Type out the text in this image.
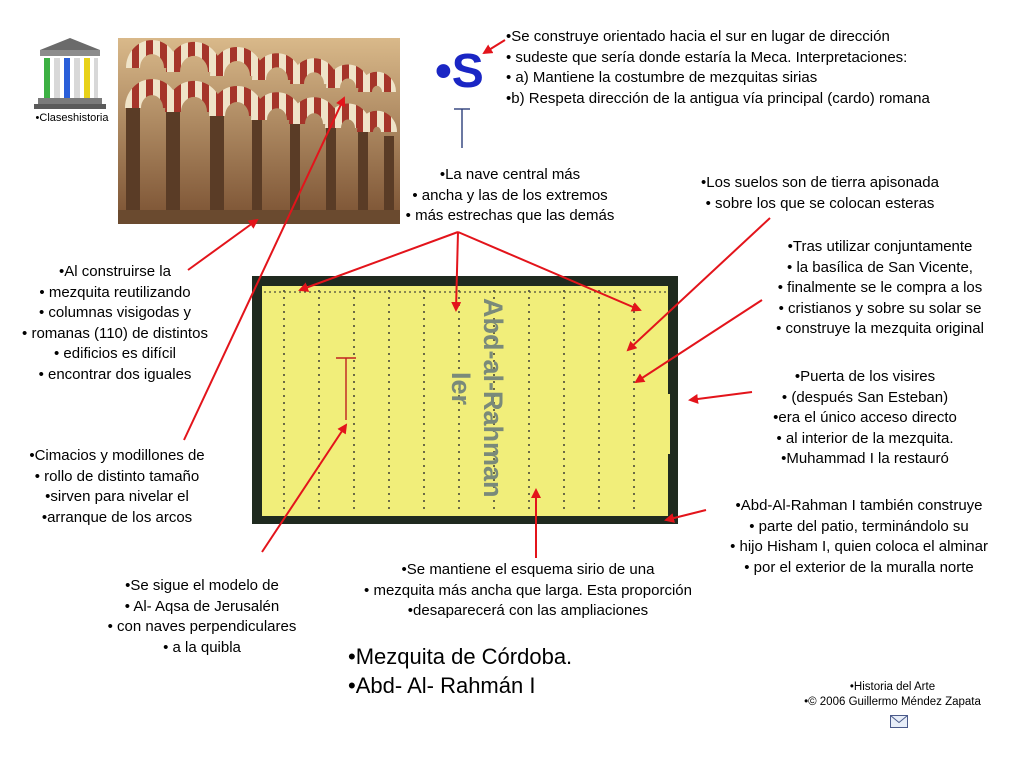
•Claseshistoria
•S
Abd-al-Rahman
Ier
•Se construye orientado hacia el sur en lugar de dirección
• sudeste que sería donde estaría la Meca. Interpretaciones:
• a) Mantiene la costumbre de mezquitas sirias
•b) Respeta dirección de la antigua vía principal (cardo) romana
•La nave central más
• ancha y las de los extremos
• más estrechas que las demás
•Los suelos son de tierra apisonada
• sobre los que se colocan esteras
•Tras utilizar conjuntamente
• la basílica de San Vicente,
• finalmente se le compra a los
• cristianos y sobre su solar se
• construye la mezquita original
•Al construirse la
• mezquita reutilizando
• columnas visigodas y
• romanas (110) de distintos
• edificios es difícil
• encontrar dos iguales	•Puerta de los visires
• (después San Esteban)
•era el único acceso directo
• al interior de la mezquita.
•Muhammad I la restauró
•Cimacios y modillones de
• rollo de distinto tamaño
•sirven para nivelar el
•arranque de los arcos
•Abd-Al-Rahman I también construye
• parte del patio, terminándolo su
• hijo Hisham I, quien coloca el alminar
• por el exterior de la muralla norte
•Se mantiene el esquema sirio de una
• mezquita más ancha que larga. Esta proporción
•desaparecerá con las ampliaciones
•Se sigue el modelo de
• Al- Aqsa de Jerusalén
• con naves perpendiculares
• a la quibla	•Mezquita de Córdoba.
•Abd- Al- Rahmán I	•Historia del Arte
•© 2006 Guillermo Méndez Zapata
